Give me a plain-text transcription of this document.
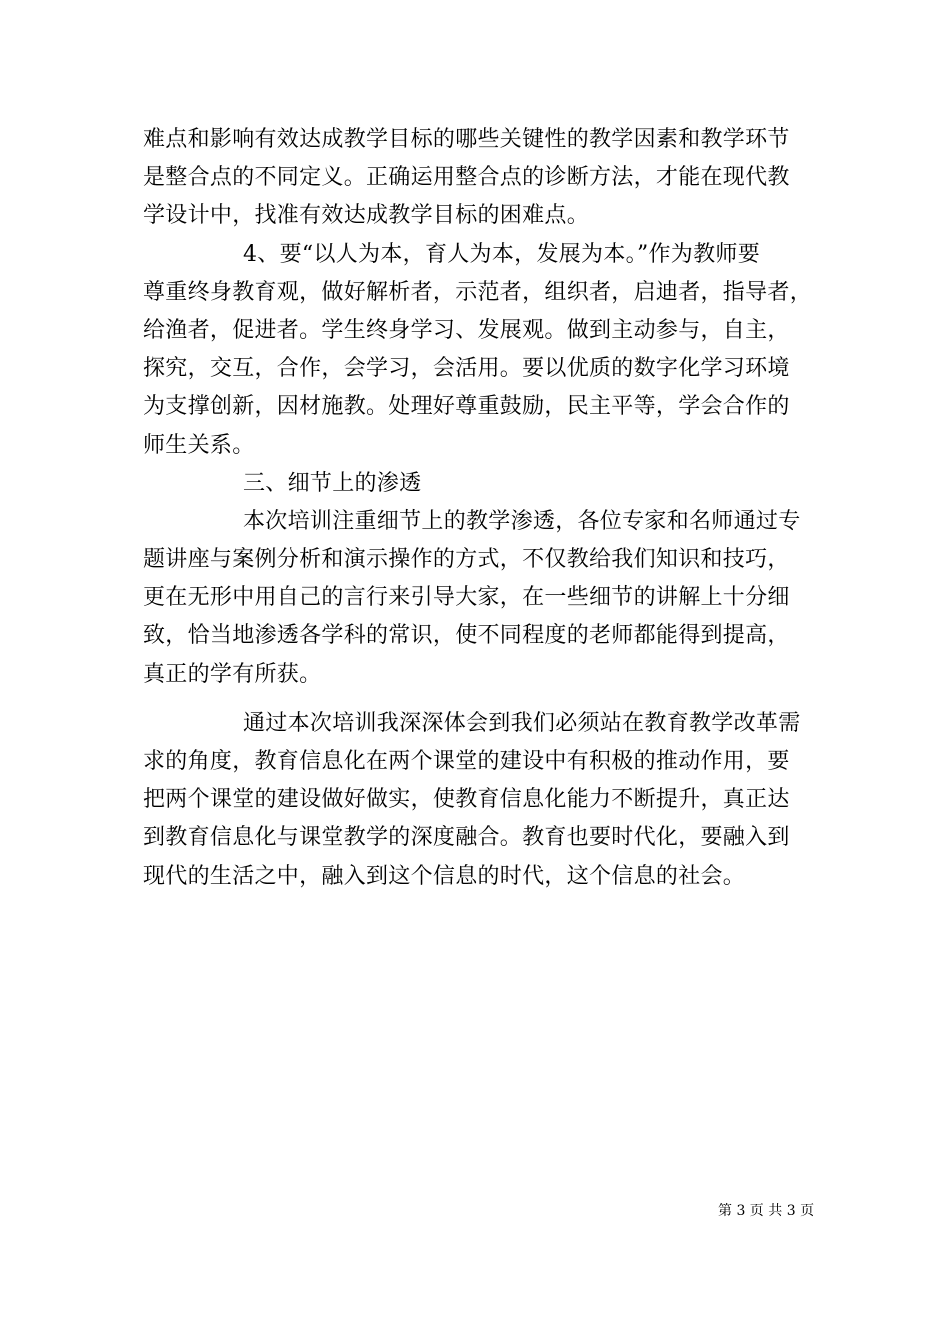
难点和影响有效达成教学目标的哪些关键性的教学因素和教学环节
是整合点的不同定义。正确运用整合点的诊断方法，才能在现代教
学设计中，找准有效达成教学目标的困难点。
4、要“以人为本，育人为本，发展为本。”作为教师要
尊重终身教育观，做好解析者，示范者，组织者，启迪者，指导者，
给渔者，促进者。学生终身学习、发展观。做到主动参与，自主，
探究，交互，合作，会学习，会活用。要以优质的数字化学习环境
为支撑创新，因材施教。处理好尊重鼓励，民主平等，学会合作的
师生关系。
三、细节上的渗透
本次培训注重细节上的教学渗透，各位专家和名师通过专
题讲座与案例分析和演示操作的方式，不仅教给我们知识和技巧，
更在无形中用自己的言行来引导大家，在一些细节的讲解上十分细
致，恰当地渗透各学科的常识，使不同程度的老师都能得到提高，
真正的学有所获。
通过本次培训我深深体会到我们必须站在教育教学改革需
求的角度，教育信息化在两个课堂的建设中有积极的推动作用，要
把两个课堂的建设做好做实，使教育信息化能力不断提升，真正达
到教育信息化与课堂教学的深度融合。教育也要时代化，要融入到
现代的生活之中，融入到这个信息的时代，这个信息的社会。
第 3 页 共 3 页
